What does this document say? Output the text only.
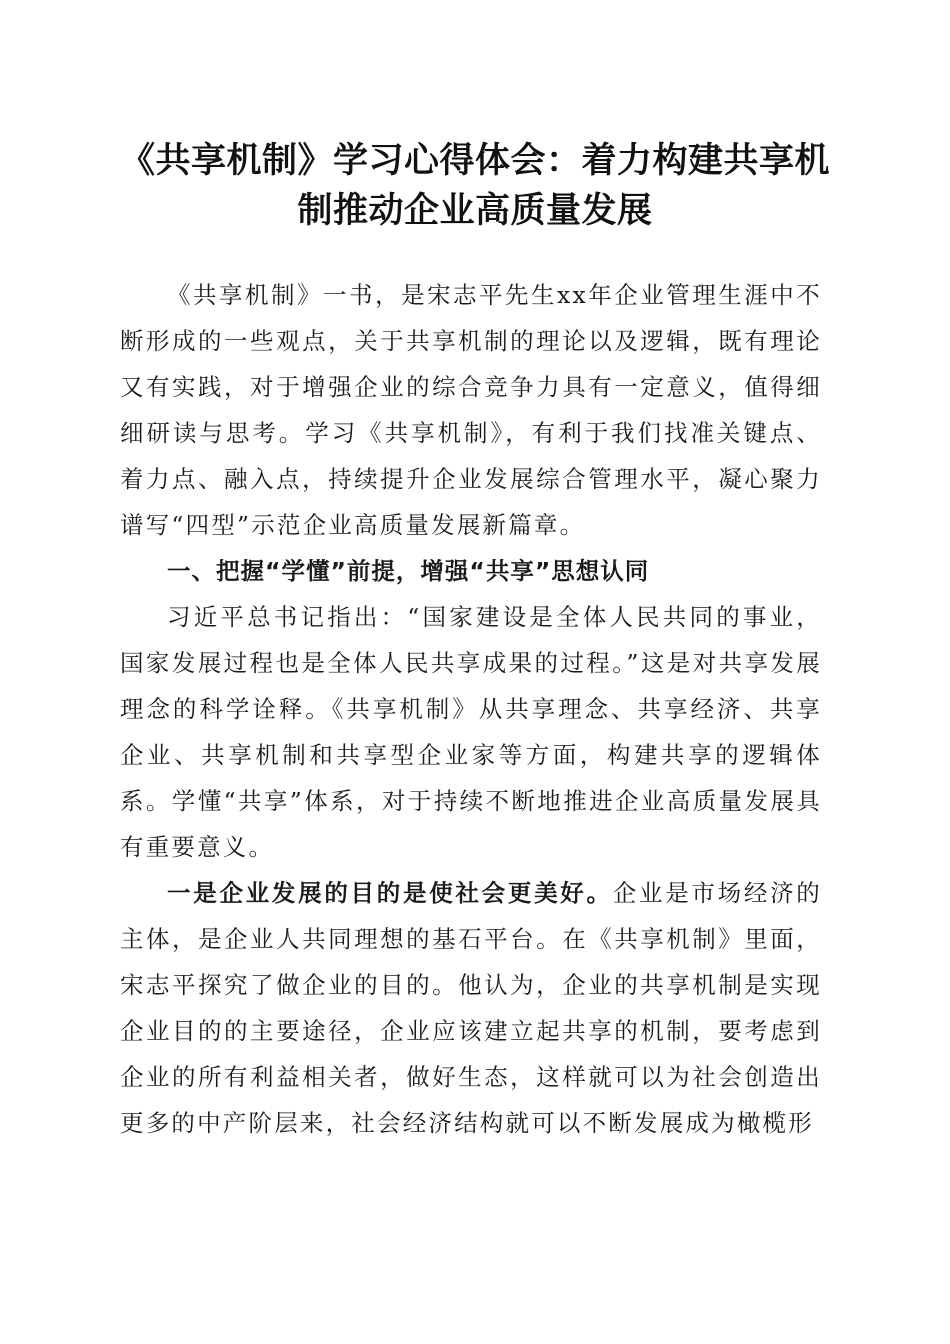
《共享机制》学习心得体会：着力构建共享机
制推动企业高质量发展

《共享机制》一书，是宋志平先生xx年企业管理生涯中不断形成的一些观点，关于共享机制的理论以及逻辑，既有理论又有实践，对于增强企业的综合竞争力具有一定意义，值得细细研读与思考。学习《共享机制》，有利于我们找准关键点、着力点、融入点，持续提升企业发展综合管理水平，凝心聚力谱写“四型”示范企业高质量发展新篇章。

一、把握“学懂”前提，增强“共享”思想认同

习近平总书记指出：“国家建设是全体人民共同的事业，国家发展过程也是全体人民共享成果的过程。”这是对共享发展理念的科学诠释。《共享机制》从共享理念、共享经济、共享企业、共享机制和共享型企业家等方面，构建共享的逻辑体系。学懂“共享”体系，对于持续不断地推进企业高质量发展具有重要意义。

一是企业发展的目的是使社会更美好。企业是市场经济的主体，是企业人共同理想的基石平台。在《共享机制》里面，宋志平探究了做企业的目的。他认为，企业的共享机制是实现企业目的的主要途径，企业应该建立起共享的机制，要考虑到企业的所有利益相关者，做好生态，这样就可以为社会创造出更多的中产阶层来，社会经济结构就可以不断发展成为橄榄形
